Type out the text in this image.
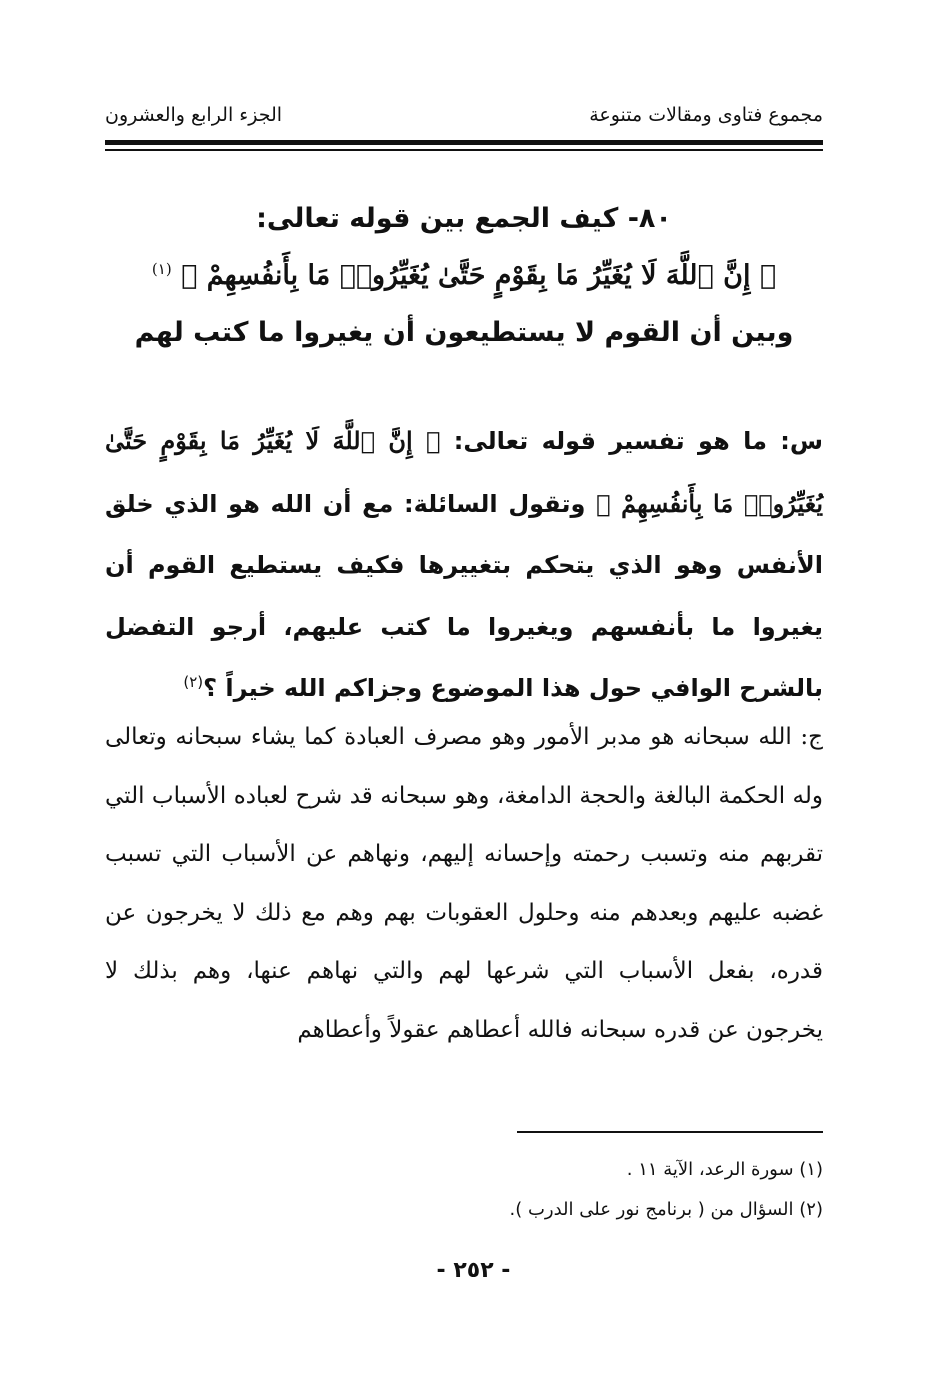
مجموع فتاوى ومقالات متنوعة
الجزء الرابع والعشرون
٨٠- كيف الجمع بين قوله تعالى:
﴿ إِنَّ ٱللَّهَ لَا يُغَيِّرُ مَا بِقَوْمٍ حَتَّىٰ يُغَيِّرُوا۟ مَا بِأَنفُسِهِمْ ﴾ $^{(١)}$
وبين أن القوم لا يستطيعون أن يغيروا ما كتب لهم

س: ما هو تفسير قوله تعالى: ﴿ إِنَّ ٱللَّهَ لَا يُغَيِّرُ مَا بِقَوْمٍ حَتَّىٰ يُغَيِّرُوا۟ مَا بِأَنفُسِهِمْ ﴾ وتقول السائلة: مع أن الله هو الذي خلق الأنفس وهو الذي يتحكم بتغييرها فكيف يستطيع القوم أن يغيروا ما بأنفسهم ويغيروا ما كتب عليهم، أرجو التفضل بالشرح الوافي حول هذا الموضوع وجزاكم الله خيراً ؟$^{(٢)}$

ج: الله سبحانه هو مدبر الأمور وهو مصرف العبادة كما يشاء سبحانه وتعالى وله الحكمة البالغة والحجة الدامغة، وهو سبحانه قد شرح لعباده الأسباب التي تقربهم منه وتسبب رحمته وإحسانه إليهم، ونهاهم عن الأسباب التي تسبب غضبه عليهم وبعدهم منه وحلول العقوبات بهم وهم مع ذلك لا يخرجون عن قدره، بفعل الأسباب التي شرعها لهم والتي نهاهم عنها، وهم بذلك لا يخرجون عن قدره سبحانه فالله أعطاهم عقولاً وأعطاهم

(١) سورة الرعد، الآية ١١ .
(٢) السؤال من ( برنامج نور على الدرب ).
- ٢٥٢ -
